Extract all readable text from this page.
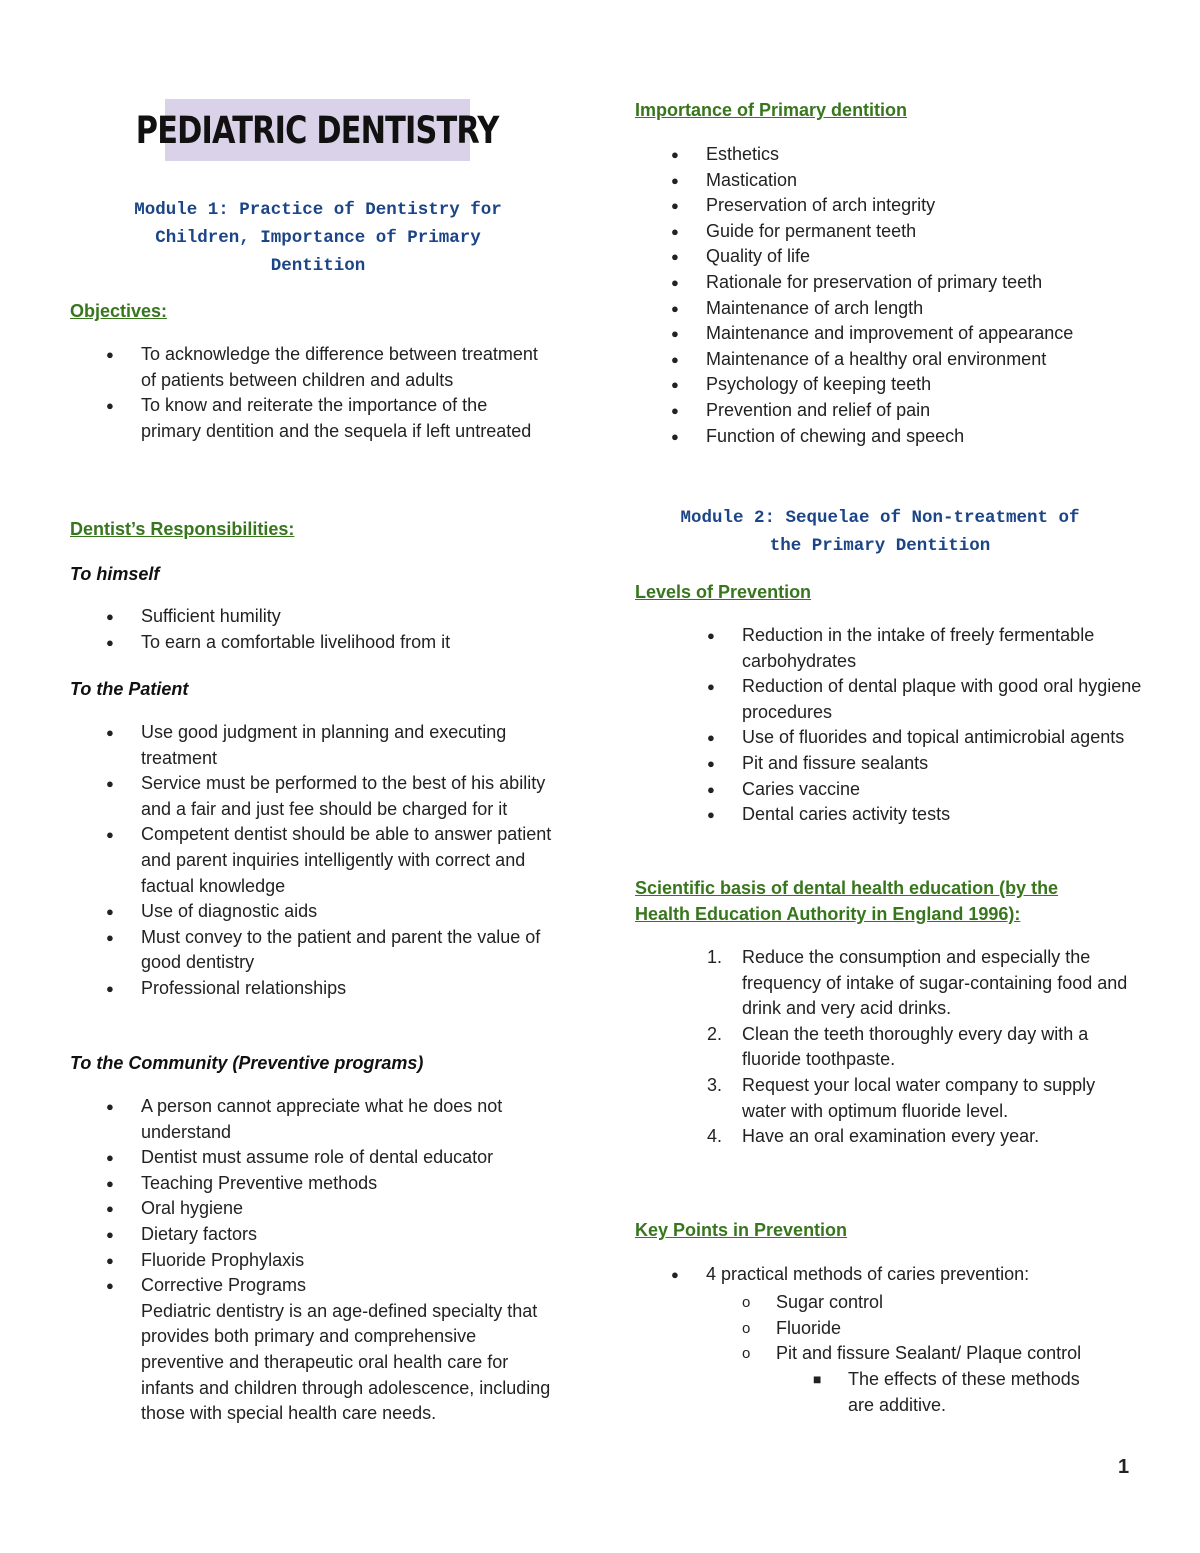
PEDIATRIC DENTISTRY
Module 1: Practice of Dentistry for
Children, Importance of Primary
Dentition
Objectives:
● To acknowledge the difference between treatment of patients between children and adults
● To know and reiterate the importance of the primary dentition and the sequela if left untreated
Dentist’s Responsibilities:
To himself
● Sufficient humility
● To earn a comfortable livelihood from it
To the Patient
● Use good judgment in planning and executing treatment
● Service must be performed to the best of his ability and a fair and just fee should be charged for it
● Competent dentist should be able to answer patient and parent inquiries intelligently with correct and factual knowledge
● Use of diagnostic aids
● Must convey to the patient and parent the value of good dentistry
● Professional relationships
To the Community (Preventive programs)
● A person cannot appreciate what he does not understand
● Dentist must assume role of dental educator
● Teaching Preventive methods
● Oral hygiene
● Dietary factors
● Fluoride Prophylaxis
● Corrective Programs
Pediatric dentistry is an age-defined specialty that provides both primary and comprehensive preventive and therapeutic oral health care for infants and children through adolescence, including those with special health care needs.
Importance of Primary dentition
● Esthetics
● Mastication
● Preservation of arch integrity
● Guide for permanent teeth
● Quality of life
● Rationale for preservation of primary teeth
● Maintenance of arch length
● Maintenance and improvement of appearance
● Maintenance of a healthy oral environment
● Psychology of keeping teeth
● Prevention and relief of pain
● Function of chewing and speech
Module 2: Sequelae of Non-treatment of
the Primary Dentition
Levels of Prevention
● Reduction in the intake of freely fermentable carbohydrates
● Reduction of dental plaque with good oral hygiene procedures
● Use of fluorides and topical antimicrobial agents
● Pit and fissure sealants
● Caries vaccine
● Dental caries activity tests
Scientific basis of dental health education (by the
Health Education Authority in England 1996):
1. Reduce the consumption and especially the frequency of intake of sugar-containing food and drink and very acid drinks.
2. Clean the teeth thoroughly every day with a fluoride toothpaste.
3. Request your local water company to supply water with optimum fluoride level.
4. Have an oral examination every year.
Key Points in Prevention
● 4 practical methods of caries prevention:
o Sugar control
o Fluoride
o Pit and fissure Sealant/ Plaque control
■ The effects of these methods are additive.
1
